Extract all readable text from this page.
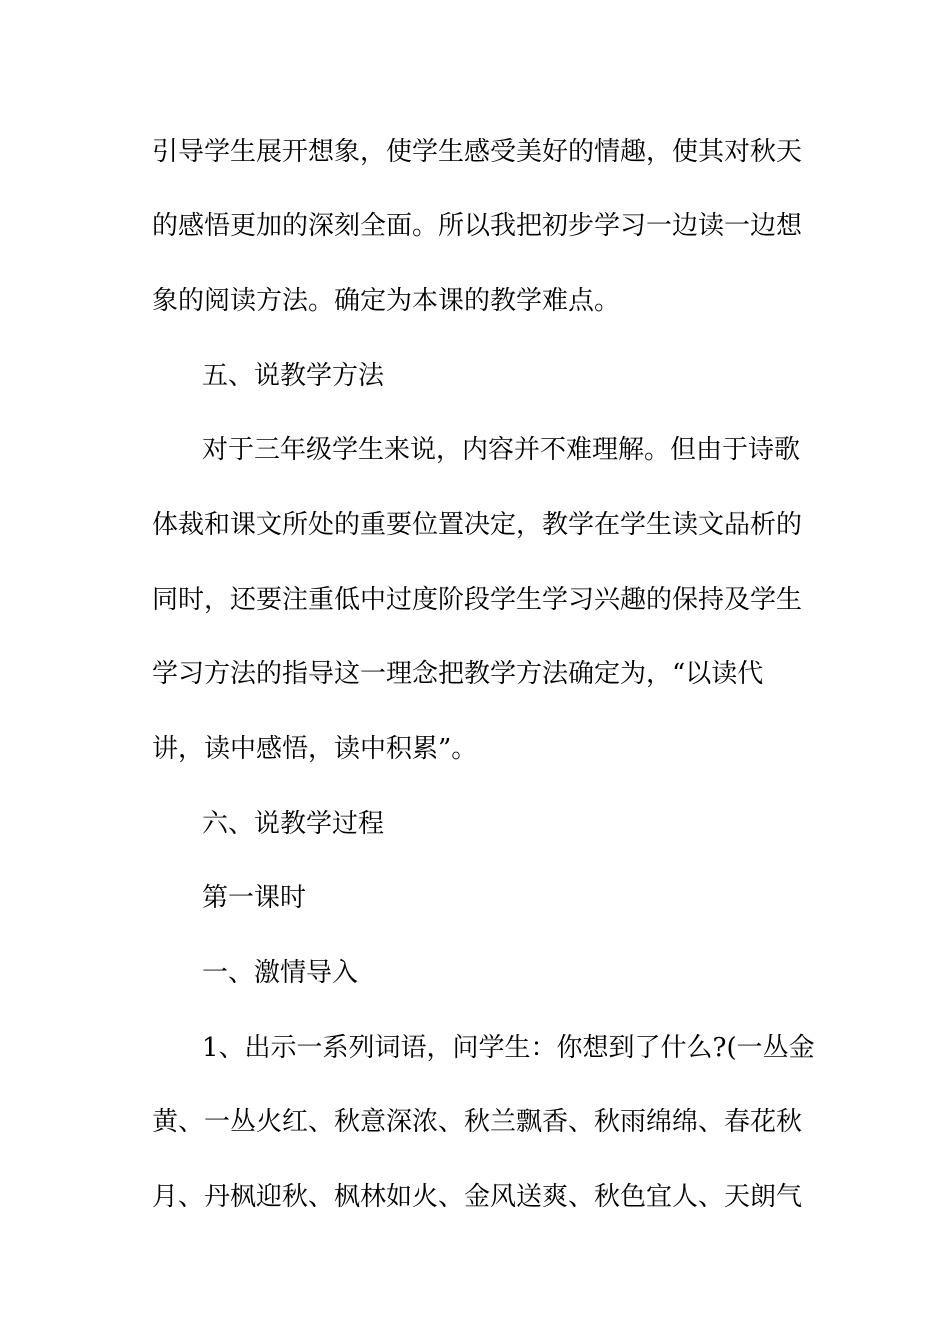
引导学生展开想象，使学生感受美好的情趣，使其对秋天
的感悟更加的深刻全面。所以我把初步学习一边读一边想
象的阅读方法。确定为本课的教学难点。
五、说教学方法
对于三年级学生来说，内容并不难理解。但由于诗歌
体裁和课文所处的重要位置决定，教学在学生读文品析的
同时，还要注重低中过度阶段学生学习兴趣的保持及学生
学习方法的指导这一理念把教学方法确定为，“以读代
讲，读中感悟，读中积累”。
六、说教学过程
第一课时
一、激情导入
1、出示一系列词语，问学生：你想到了什么?(一丛金
黄、一丛火红、秋意深浓、秋兰飘香、秋雨绵绵、春花秋
月、丹枫迎秋、枫林如火、金风送爽、秋色宜人、天朗气
